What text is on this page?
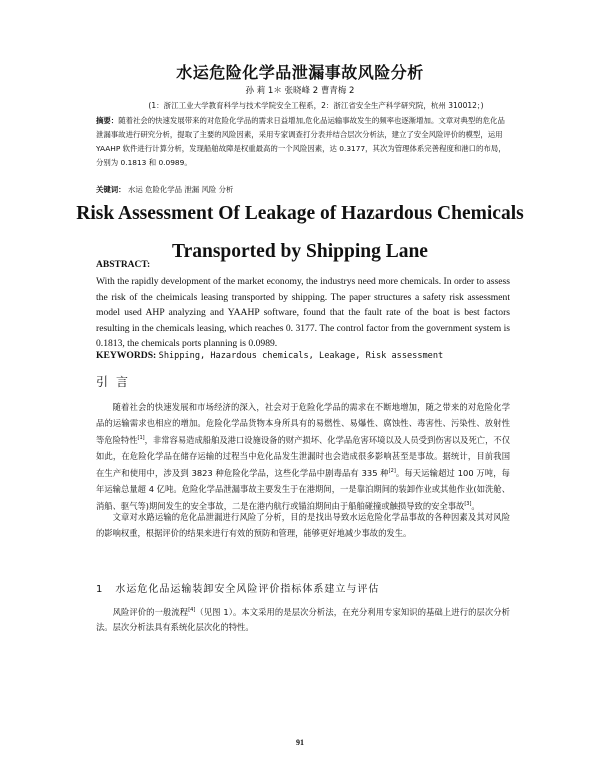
水运危险化学品泄漏事故风险分析
孙 莉 1＊ 张晓峰 2 曹青梅 2
(1：浙江工业大学教育科学与技术学院安全工程系，2：浙江省安全生产科学研究院，杭州 310012；)
摘要：随着社会的快速发展带来的对危险化学品的需求日益增加,危化品运输事故发生的频率也逐渐增加。文章对典型的危化品泄漏事故进行研究分析，提取了主要的风险因素，采用专家调查打分表并结合层次分析法，建立了安全风险评价的模型，运用 YAAHP 软件进行计算分析，发现船舶故障是权重最高的一个风险因素，达 0.3177，其次为管理体系完善程度和港口的布局，分别为 0.1813 和 0.0989。
关键词： 水运 危险化学品 泄漏 风险 分析
Risk Assessment Of Leakage of Hazardous Chemicals
Transported by Shipping Lane
ABSTRACT:
With the rapidly development of the market economy, the industrys need more chemicals. In order to assess the risk of the cheimicals leasing transported by shipping. The paper structures a safety risk assessment model used AHP analyzing and YAAHP software, found that the fault rate of the boat is best factors resulting in the chemicals leasing, which reaches 0. 3177. The control factor from the government system is 0.1813, the chemicals ports planning is 0.0989.
KEYWORDS: Shipping, Hazardous chemicals, Leakage, Risk assessment
引言
随着社会的快速发展和市场经济的深入，社会对于危险化学品的需求在不断地增加，随之带来的对危险化学品的运输需求也相应的增加。危险化学品货物本身所具有的易燃性、易爆性、腐蚀性、毒害性、污染性、放射性等危险特性[1]，非常容易造成船舶及港口设施设备的财产损坏、化学品危害环境以及人员受到伤害以及死亡，不仅如此，在危险化学品在储存运输的过程当中危化品发生泄漏时也会造成很多影响甚至是事故。据统计，目前我国在生产和使用中，涉及到 3823 种危险化学品，这些化学品中剧毒品有 335 种[2]。每天运输超过 100 万吨，每年运输总量超 4 亿吨。危险化学品泄漏事故主要发生于在港期间，一是靠泊期间的装卸作业或其他作业(如洗舱、消船、驱气等)期间发生的安全事故，二是在港内航行或锚泊期间由于船舶碰撞或触损导致的安全事故[3]。
文章对水路运输的危化品泄漏进行风险了分析，目的是找出导致水运危险化学品事故的各种因素及其对风险的影响权重，根据评价的结果来进行有效的预防和管理，能够更好地减少事故的发生。
1 水运危化品运输装卸安全风险评价指标体系建立与评估
风险评价的一般流程[4]（见图 1）。本文采用的是层次分析法，在充分利用专家知识的基础上进行的层次分析法。层次分析法具有系统化层次化的特性。
91
